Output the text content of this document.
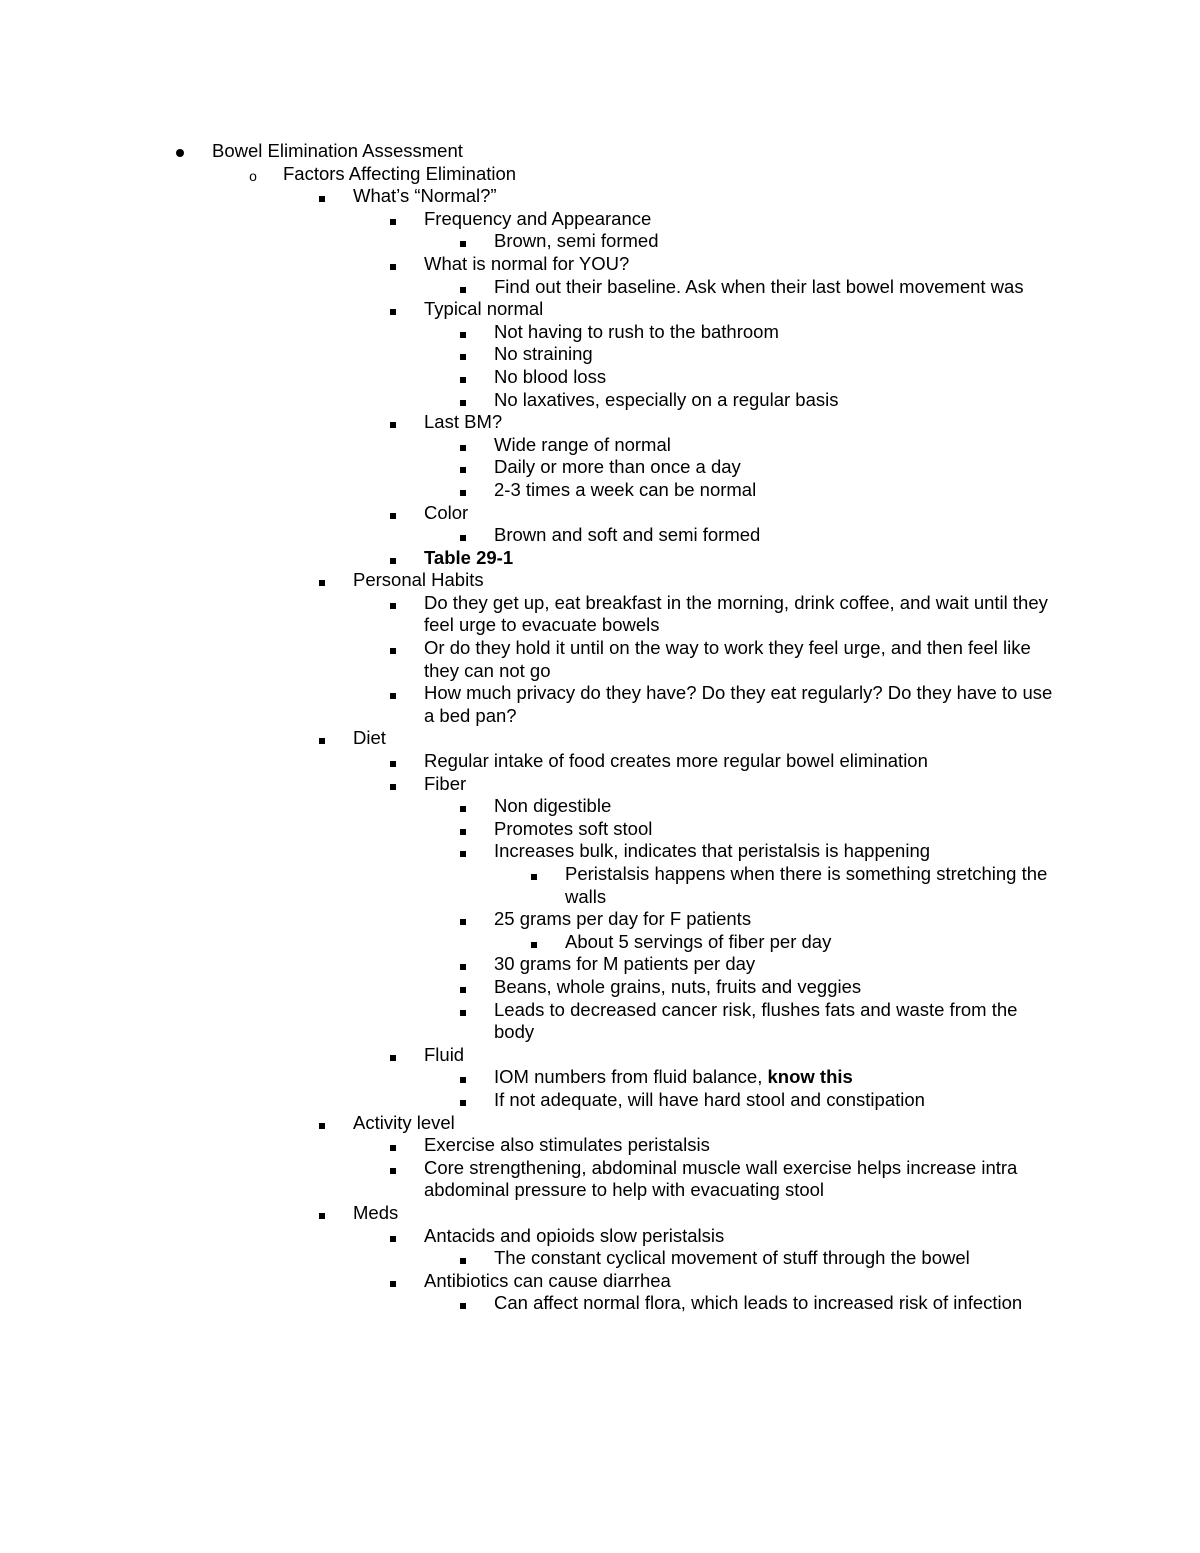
Bowel Elimination Assessment
o	Factors Affecting Elimination
What’s “Normal?”
Frequency and Appearance
Brown, semi formed
What is normal for YOU?
Find out their baseline. Ask when their last bowel movement was
Typical normal
Not having to rush to the bathroom
No straining
No blood loss
No laxatives, especially on a regular basis
Last BM?
Wide range of normal
Daily or more than once a day
2-3 times a week can be normal
Color
Brown and soft and semi formed
Table 29-1
Personal Habits
Do they get up, eat breakfast in the morning, drink coffee, and wait until they feel urge to evacuate bowels
Or do they hold it until on the way to work they feel urge, and then feel like they can not go
How much privacy do they have? Do they eat regularly? Do they have to use a bed pan?
Diet
Regular intake of food creates more regular bowel elimination
Fiber
Non digestible
Promotes soft stool
Increases bulk, indicates that peristalsis is happening
Peristalsis happens when there is something stretching the walls
25 grams per day for F patients
About 5 servings of fiber per day
30 grams for M patients per day
Beans, whole grains, nuts, fruits and veggies
Leads to decreased cancer risk, flushes fats and waste from the body
Fluid
IOM numbers from fluid balance, know this
If not adequate, will have hard stool and constipation
Activity level
Exercise also stimulates peristalsis
Core strengthening, abdominal muscle wall exercise helps increase intra abdominal pressure to help with evacuating stool
Meds
Antacids and opioids slow peristalsis
The constant cyclical movement of stuff through the bowel
Antibiotics can cause diarrhea
Can affect normal flora, which leads to increased risk of infection
